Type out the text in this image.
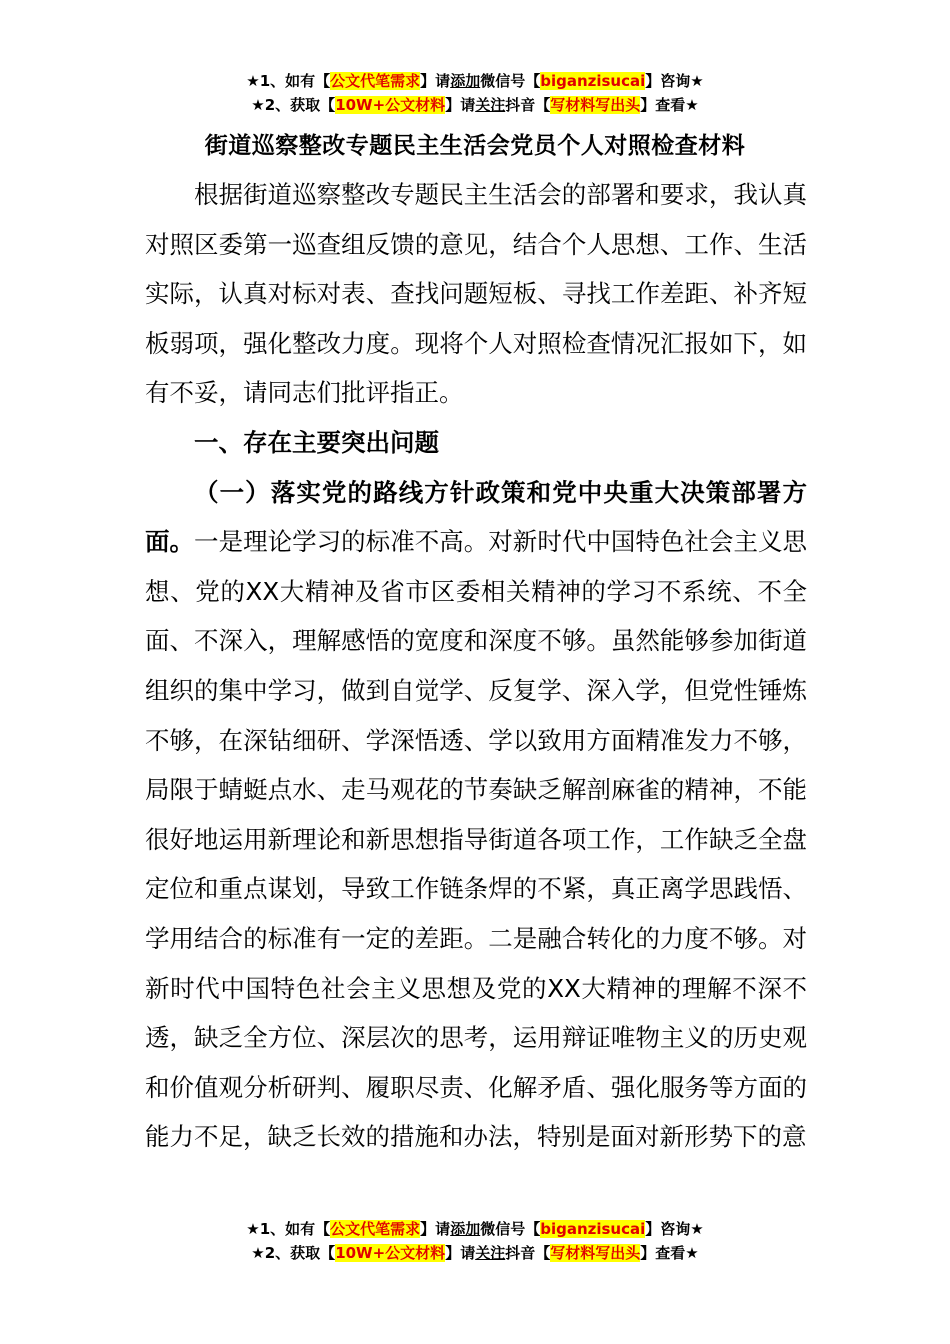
★1、如有【公文代笔需求】请添加微信号【biganzisucai】咨询★
★2、获取【10W+公文材料】请关注抖音【写材料写出头】查看★
街道巡察整改专题民主生活会党员个人对照检查材料

根据街道巡察整改专题民主生活会的部署和要求，我认真对照区委第一巡查组反馈的意见，结合个人思想、工作、生活实际，认真对标对表、查找问题短板、寻找工作差距、补齐短板弱项，强化整改力度。现将个人对照检查情况汇报如下，如有不妥，请同志们批评指正。

一、存在主要突出问题

（一）落实党的路线方针政策和党中央重大决策部署方面。一是理论学习的标准不高。对新时代中国特色社会主义思想、党的XX大精神及省市区委相关精神的学习不系统、不全面、不深入，理解感悟的宽度和深度不够。虽然能够参加街道组织的集中学习，做到自觉学、反复学、深入学，但党性锤炼不够，在深钻细研、学深悟透、学以致用方面精准发力不够，局限于蜻蜓点水、走马观花的节奏缺乏解剖麻雀的精神，不能很好地运用新理论和新思想指导街道各项工作，工作缺乏全盘定位和重点谋划，导致工作链条焊的不紧，真正离学思践悟、学用结合的标准有一定的差距。二是融合转化的力度不够。对新时代中国特色社会主义思想及党的XX大精神的理解不深不透，缺乏全方位、深层次的思考，运用辩证唯物主义的历史观和价值观分析研判、履职尽责、化解矛盾、强化服务等方面的能力不足，缺乏长效的措施和办法，特别是面对新形势下的意

★1、如有【公文代笔需求】请添加微信号【biganzisucai】咨询★
★2、获取【10W+公文材料】请关注抖音【写材料写出头】查看★
